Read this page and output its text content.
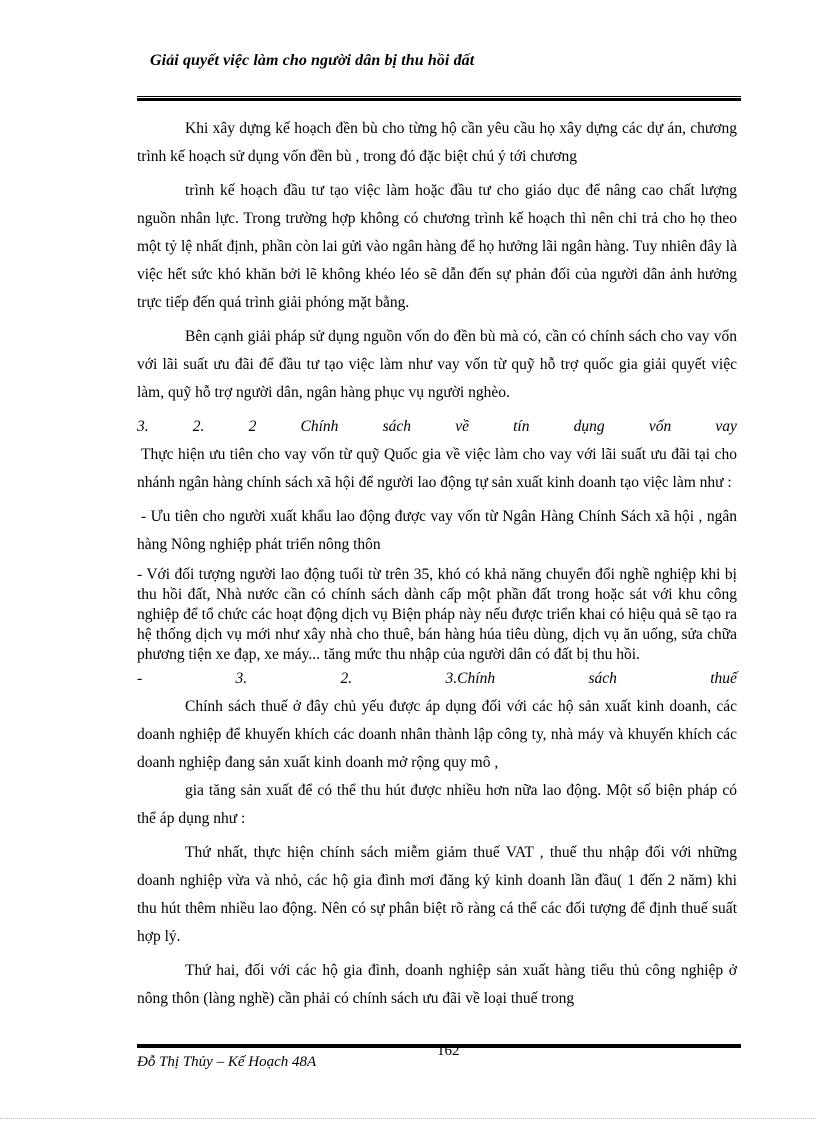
Giải quyết việc làm cho người dân bị thu hồi đất

Khi xây dựng kế hoạch đền bù cho từng hộ cần yêu cầu họ xây dựng các dự án, chương trình kế hoạch sử dụng vốn đền bù , trong đó đặc biệt chú ý tới chương

trình kế hoạch đầu tư tạo việc làm hoặc đầu tư cho giáo dục để nâng cao chất lượng nguồn nhân lực. Trong trường hợp không có chương trình kế hoạch thì nên chi trả cho họ theo một tỷ lệ nhất định, phần còn lai gửi vào ngân hàng để họ hưởng lãi ngân hàng. Tuy nhiên đây là việc hết sức khó khăn bởi lẽ không khéo léo sẽ dẫn đến sự phản đối của người dân ảnh hưởng trực tiếp đến quá trình giải phóng mặt bằng.

Bên cạnh giải pháp sử dụng nguồn vốn do đền bù mà có, cần có chính sách cho vay vốn với lãi suất ưu đãi để đầu tư tạo việc làm như vay vốn từ quỹ hỗ trợ quốc gia giải quyết việc làm, quỹ hỗ trợ người dân, ngân hàng phục vụ người nghèo.

3.	2.	2	Chính	sách	về	tín	dụng	vốn	vay

Thực hiện ưu tiên cho vay vốn từ quỹ Quốc gia về việc làm cho vay với lãi suất ưu đãi tại cho nhánh ngân hàng chính sách xã hội để người lao động tự sản xuất kinh doanh tạo việc làm như :

- Ưu tiên cho người xuất khẩu lao động được vay vốn từ Ngân Hàng Chính Sách xã hội , ngân hàng Nông nghiệp phát triển nông thôn

- Với đối tượng người lao động tuổi từ trên 35, khó có khả năng chuyển đổi nghề nghiệp khi bị thu hồi đất, Nhà nước cần có chính sách dành cấp một phần đất trong hoặc sát với khu công nghiệp để tổ chức các hoạt động dịch vụ Biện pháp này nếu được triển khai có hiệu quả sẽ tạo ra hệ thống dịch vụ mới như xây nhà cho thuê, bán hàng húa tiêu dùng, dịch vụ ăn uống, sửa chữa phương tiện xe đạp, xe máy... tăng mức thu nhập của người dân có đất bị thu hồi.

-	3.	2.	3.Chính	sách	thuế

Chính sách thuế ở đây chủ yếu được áp dụng đối với các hộ sản xuất kinh doanh, các doanh nghiệp để khuyến khích các doanh nhân thành lập công ty, nhà máy và khuyến khích các doanh nghiệp đang sản xuất kinh doanh mở rộng quy mô ,

gia tăng sản xuất để có thể thu hút được nhiều hơn nữa lao động. Một số biện pháp có thể áp dụng như :

Thứ nhất, thực hiện chính sách miễm giảm thuế VAT , thuế thu nhập đối với những doanh nghiệp vừa và nhỏ, các hộ gia đình mơi đăng ký kinh doanh lần đầu( 1 đến 2 năm) khi thu hút thêm nhiều lao động. Nên có sự phân biệt rõ ràng cá thể các đối tượng để định thuế suất hợp lý.

Thứ hai, đối với các hộ gia đình, doanh nghiệp sản xuất hàng tiểu thủ công nghiệp ở nông thôn (làng nghề) cần phải có chính sách ưu đãi về loại thuế trong

162
Đỗ Thị Thủy – Kế Hoạch 48A
